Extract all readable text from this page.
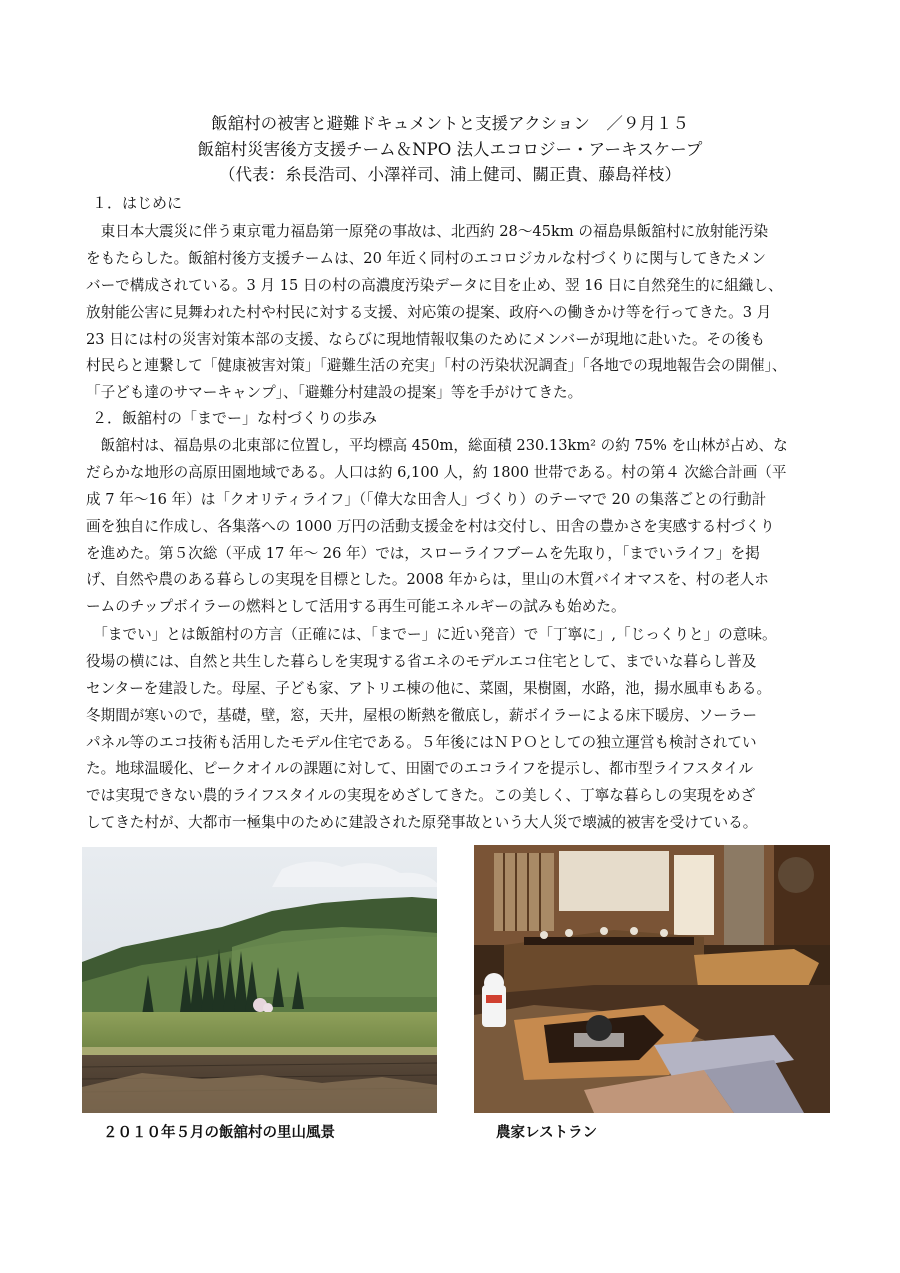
飯舘村の被害と避難ドキュメントと支援アクション　／９月１５
飯舘村災害後方支援チーム＆NPO 法人エコロジー・アーキスケープ
（代表：糸長浩司、小澤祥司、浦上健司、關正貴、藤島祥枝）
１．はじめに
　東日本大震災に伴う東京電力福島第一原発の事故は、北西約 28～45km の福島県飯舘村に放射能汚染
をもたらした。飯舘村後方支援チームは、20 年近く同村のエコロジカルな村づくりに関与してきたメン
バーで構成されている。3 月 15 日の村の高濃度汚染データに目を止め、翌 16 日に自然発生的に組織し、
放射能公害に見舞われた村や村民に対する支援、対応策の提案、政府への働きかけ等を行ってきた。3 月
23 日には村の災害対策本部の支援、ならびに現地情報収集のためにメンバーが現地に赴いた。その後も
村民らと連繋して「健康被害対策」「避難生活の充実」「村の汚染状況調査」「各地での現地報告会の開催」、
「子ども達のサマーキャンプ」、「避難分村建設の提案」等を手がけてきた。
２．飯舘村の「までー」な村づくりの歩み
　飯舘村は、福島県の北東部に位置し，平均標高 450m，総面積 230.13km² の約 75% を山林が占め、な
だらかな地形の高原田園地域である。人口は約 6,100 人，約 1800 世帯である。村の第４ 次総合計画（平
成 7 年～16 年）は「クオリティライフ」（「偉大な田舎人」づくり）のテーマで 20 の集落ごとの行動計
画を独自に作成し、各集落への 1000 万円の活動支援金を村は交付し、田舎の豊かさを実感する村づくり
を進めた。第５次総（平成 17 年～ 26 年）では，スローライフブームを先取り，「までいライフ」を掲
げ、自然や農のある暮らしの実現を目標とした。2008 年からは，里山の木質バイオマスを、村の老人ホ
ームのチップボイラーの燃料として活用する再生可能エネルギーの試みも始めた。
　「までい」とは飯舘村の方言（正確には、「までー」に近い発音）で「丁寧に」,「じっくりと」の意味。
役場の横には、自然と共生した暮らしを実現する省エネのモデルエコ住宅として、までいな暮らし普及
センターを建設した。母屋、子ども家、アトリエ棟の他に、菜園，果樹園，水路，池，揚水風車もある。
冬期間が寒いので，基礎，壁，窓，天井，屋根の断熱を徹底し，薪ボイラーによる床下暖房、ソーラー
パネル等のエコ技術も活用したモデル住宅である。５年後にはＮＰＯとしての独立運営も検討されてい
た。地球温暖化、ピークオイルの課題に対して、田園でのエコライフを提示し、都市型ライフスタイル
では実現できない農的ライフスタイルの実現をめざしてきた。この美しく、丁寧な暮らしの実現をめざ
してきた村が、大都市一極集中のために建設された原発事故という大人災で壊滅的被害を受けている。
２０１０年５月の飯舘村の里山風景	農家レストラン
